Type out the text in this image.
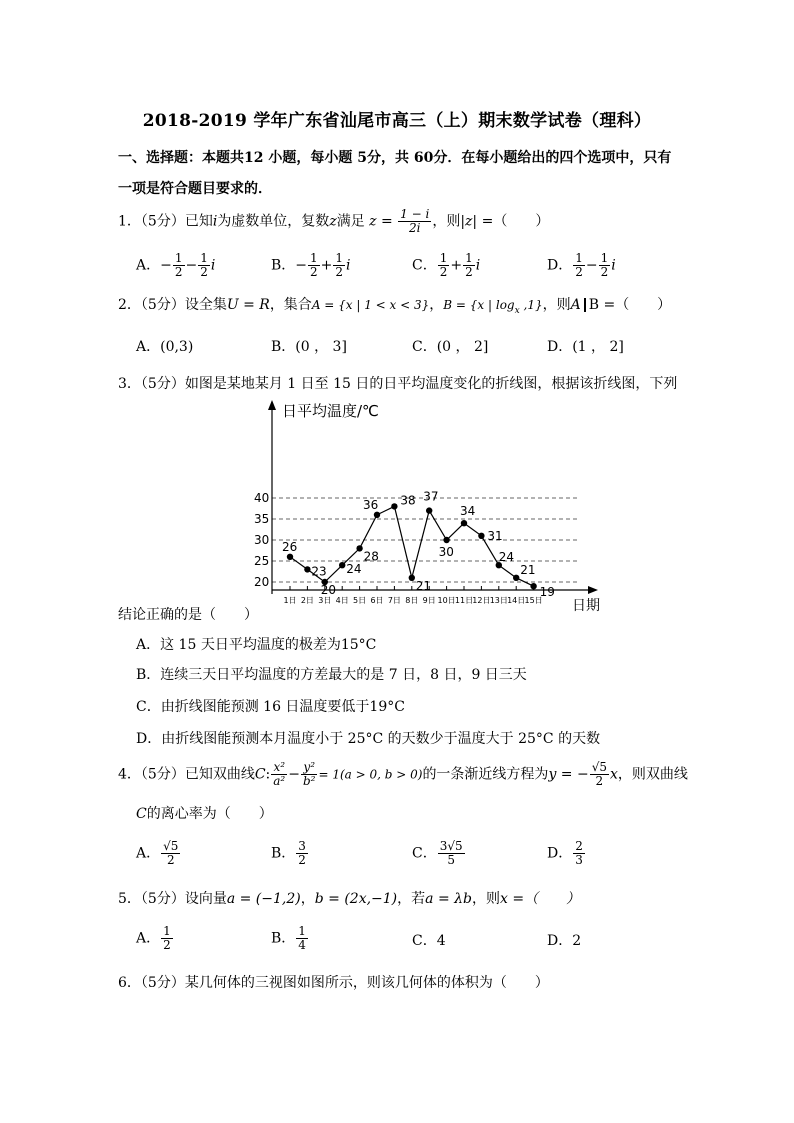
2018-2019 学年广东省汕尾市高三（上）期末数学试卷（理科）
一、选择题：本题共12 小题，每小题 5分，共 60分．在每小题给出的四个选项中，只有
一项是符合题目要求的．
1．（5分）已知i为虚数单位，复数z满足 $z = \frac{1 - i}{2i}$ ，则|z| =（　　）
A．− $\frac{1}{2} - \frac{1}{2}$ i	B．− $\frac{1}{2} + \frac{1}{2}$ i	C． $\frac{1}{2} + \frac{1}{2}$ i	D． $\frac{1}{2} - \frac{1}{2}$ i
2．（5分）设全集U = R，集合A = {x | 1 < x < 3}，B = {x | $\log_x ,1$}，则A B =（　　）
A．(0,3)	B．(0 ， 3]	C．(0 ， 2]	D．(1 ， 2]
3．（5分）如图是某地某月 1 日至 15 日的日平均温度变化的折线图，根据该折线图，下列
26
23
20
24
28
36 38
21
37
30
34
31
24
21
19
20
25
30
35
40
1日 2日 3日 4日 5日 6日 7日 8日 9日 10日 11日 12日 13日 14日 15日
日平均温度/℃
日期
结论正确的是（　　）
A．这 15 天日平均温度的极差为15°C
B．连续三天日平均温度的方差最大的是 7 日，8 日，9 日三天
C．由折线图能预测 16 日温度要低于19°C
D．由折线图能预测本月温度小于 25°C 的天数少于温度大于 25°C 的天数
4．（5分）已知双曲线C: $\frac{\text{x²}}{\text{a²}} - \frac{\text{y²}}{\text{b²}} = 1(a > 0$, b > 0)的一条渐近线方程为y = − $\frac{√5}{2}$ x，则双曲线
C的离心率为（　　）
A． $\frac{√5}{2}$	B． $\frac{3}{2}$	C． $\frac{3√5}{5}$	D． $\frac{2}{3}$
5．（5分）设向量a = (−1,2)，b = (2x,−1)，若a = λb，则x =（　　）
A． $\frac{1}{2}$	B． $\frac{1}{4}$	C．4	D．2
6．（5分）某几何体的三视图如图所示，则该几何体的体积为（　　）
